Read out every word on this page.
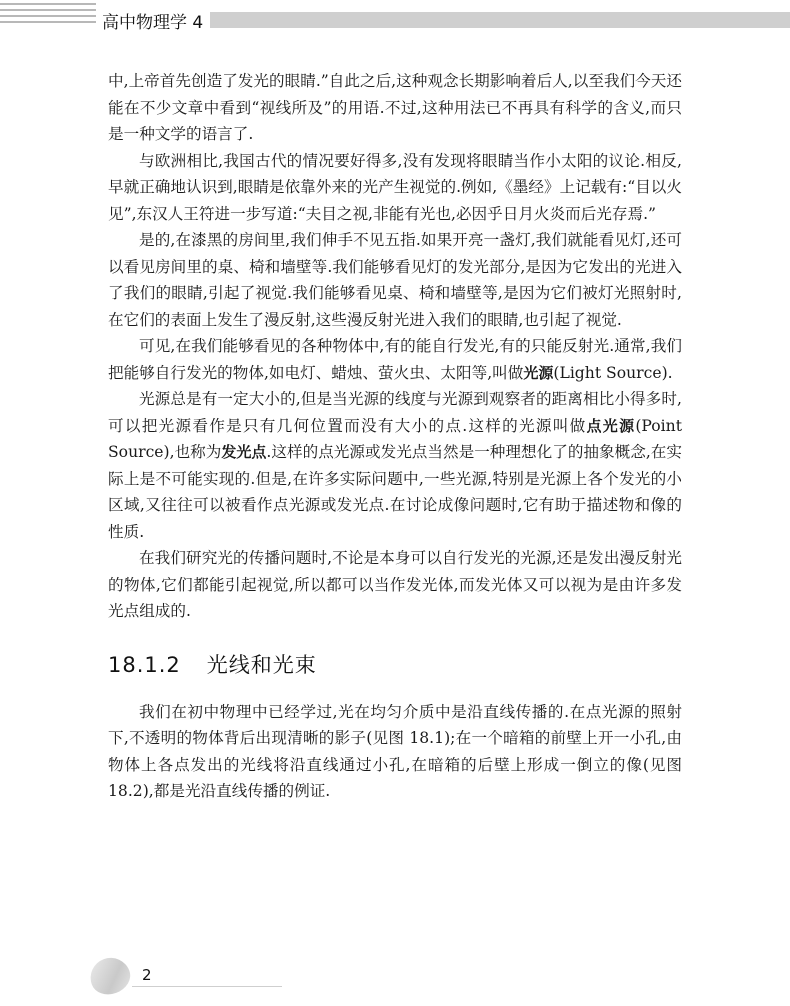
高中物理学 4

中,上帝首先创造了发光的眼睛.”自此之后,这种观念长期影响着后人,以至我们今天还能在不少文章中看到“视线所及”的用语.不过,这种用法已不再具有科学的含义,而只是一种文学的语言了.

与欧洲相比,我国古代的情况要好得多,没有发现将眼睛当作小太阳的议论.相反,早就正确地认识到,眼睛是依靠外来的光产生视觉的.例如,《墨经》上记载有:“目以火见”,东汉人王符进一步写道:“夫目之视,非能有光也,必因乎日月火炎而后光存焉.”

是的,在漆黑的房间里,我们伸手不见五指.如果开亮一盏灯,我们就能看见灯,还可以看见房间里的桌、椅和墙壁等.我们能够看见灯的发光部分,是因为它发出的光进入了我们的眼睛,引起了视觉.我们能够看见桌、椅和墙壁等,是因为它们被灯光照射时,在它们的表面上发生了漫反射,这些漫反射光进入我们的眼睛,也引起了视觉.

可见,在我们能够看见的各种物体中,有的能自行发光,有的只能反射光.通常,我们把能够自行发光的物体,如电灯、蜡烛、萤火虫、太阳等,叫做光源(Light Source).

光源总是有一定大小的,但是当光源的线度与光源到观察者的距离相比小得多时,可以把光源看作是只有几何位置而没有大小的点.这样的光源叫做点光源(Point Source),也称为发光点.这样的点光源或发光点当然是一种理想化了的抽象概念,在实际上是不可能实现的.但是,在许多实际问题中,一些光源,特别是光源上各个发光的小区域,又往往可以被看作点光源或发光点.在讨论成像问题时,它有助于描述物和像的性质.

在我们研究光的传播问题时,不论是本身可以自行发光的光源,还是发出漫反射光的物体,它们都能引起视觉,所以都可以当作发光体,而发光体又可以视为是由许多发光点组成的.

18.1.2 光线和光束

我们在初中物理中已经学过,光在均匀介质中是沿直线传播的.在点光源的照射下,不透明的物体背后出现清晰的影子(见图 18.1);在一个暗箱的前壁上开一小孔,由物体上各点发出的光线将沿直线通过小孔,在暗箱的后壁上形成一倒立的像(见图 18.2),都是光沿直线传播的例证.

2
